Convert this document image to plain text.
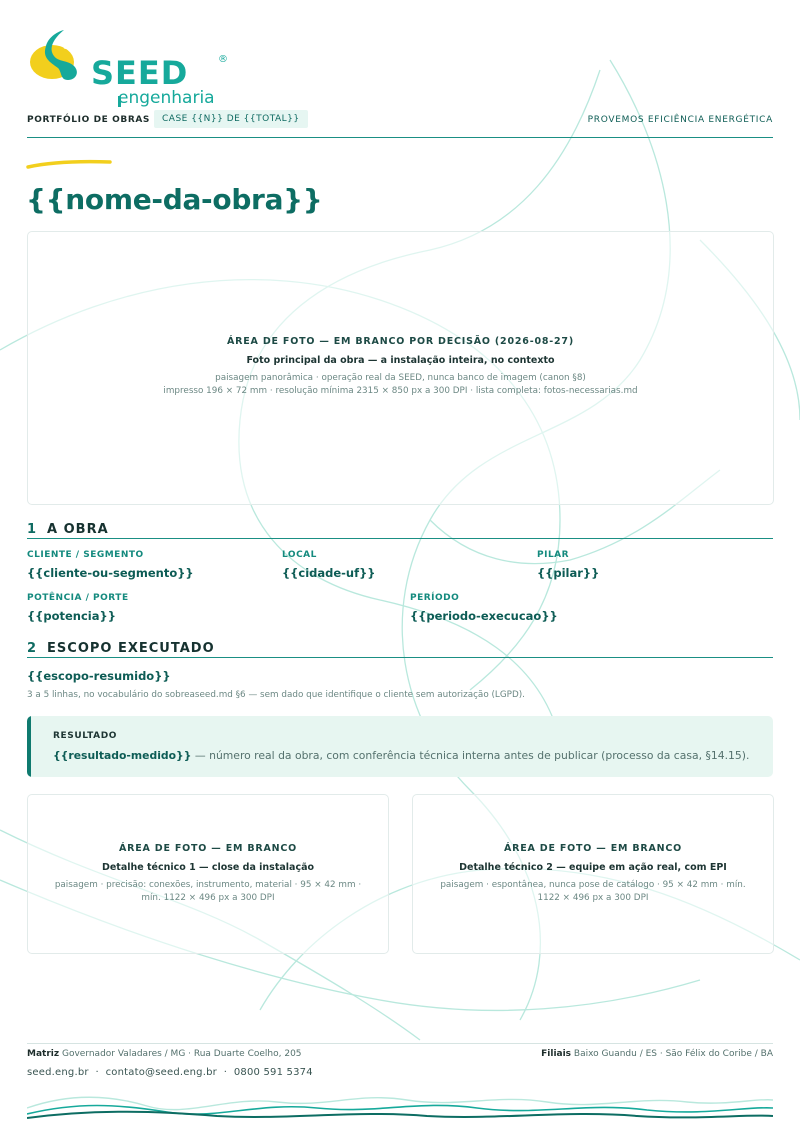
SEED	®
engenharia
PORTFÓLIO DE OBRAS	CASE {{N}} DE {{TOTAL}}	PROVEMOS EFICIÊNCIA ENERGÉTICA
{{nome-da-obra}}
ÁREA DE FOTO — EM BRANCO POR DECISÃO (2026-08-27)
Foto principal da obra — a instalação inteira, no contexto
paisagem panorâmica · operação real da SEED, nunca banco de imagem (canon §8)
impresso 196 × 72 mm · resolução mínima 2315 × 850 px a 300 DPI · lista completa: fotos-necessarias.md
1 A OBRA
CLIENTE / SEGMENTO
{{cliente-ou-segmento}}
LOCAL
{{cidade-uf}}
PILAR
{{pilar}}
POTÊNCIA / PORTE
{{potencia}}
PERÍODO
{{periodo-execucao}}
2 ESCOPO EXECUTADO
{{escopo-resumido}}
3 a 5 linhas, no vocabulário do sobreaseed.md §6 — sem dado que identifique o cliente sem autorização (LGPD).
RESULTADO
{{resultado-medido}} — número real da obra, com conferência técnica interna antes de publicar (processo da casa, §14.15).
ÁREA DE FOTO — EM BRANCO
Detalhe técnico 1 — close da instalação
paisagem · precisão: conexões, instrumento, material · 95 × 42 mm · mín. 1122 × 496 px a 300 DPI
ÁREA DE FOTO — EM BRANCO
Detalhe técnico 2 — equipe em ação real, com EPI
paisagem · espontânea, nunca pose de catálogo · 95 × 42 mm · mín. 1122 × 496 px a 300 DPI
Matriz Governador Valadares / MG · Rua Duarte Coelho, 205	Filiais Baixo Guandu / ES · São Félix do Coribe / BA
seed.eng.br  ·  contato@seed.eng.br  ·  0800 591 5374
